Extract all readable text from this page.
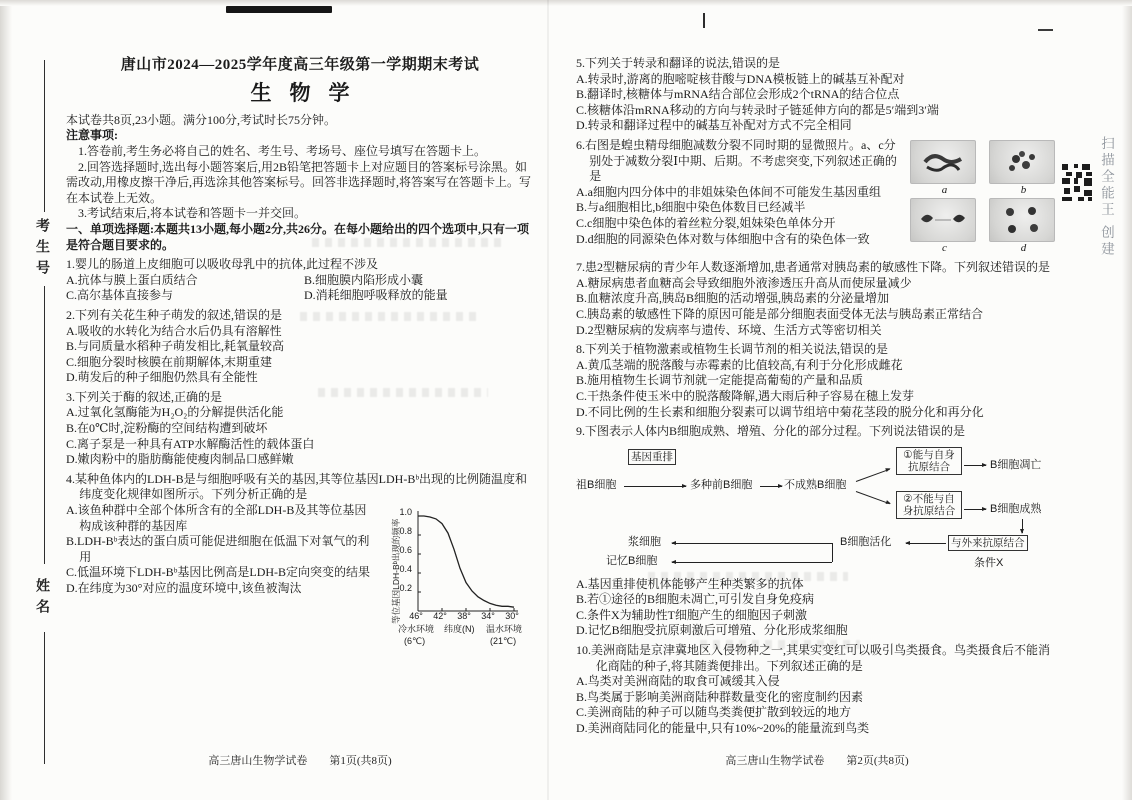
考生号
姓名
唐山市2024—2025学年度高三年级第一学期期末考试
生物学

本试卷共8页,23小题。满分100分,考试时长75分钟。

注意事项:

1.答卷前,考生务必将自己的姓名、考生号、考场号、座位号填写在答题卡上。

2.回答选择题时,选出每小题答案后,用2B铅笔把答题卡上对应题目的答案标号涂黑。如需改动,用橡皮擦干净后,再选涂其他答案标号。回答非选择题时,将答案写在答题卡上。写在本试卷上无效。

3.考试结束后,将本试卷和答题卡一并交回。

一、单项选择题:本题共13小题,每小题2分,共26分。在每小题给出的四个选项中,只有一项是符合题目要求的。

1.婴儿的肠道上皮细胞可以吸收母乳中的抗体,此过程不涉及

A.抗体与膜上蛋白质结合	B.细胞膜内陷形成小囊

C.高尔基体直接参与	D.消耗细胞呼吸释放的能量

2.下列有关花生种子萌发的叙述,错误的是

A.吸收的水转化为结合水后仍具有溶解性

B.与同质量水稻种子萌发相比,耗氧量较高

C.细胞分裂时核膜在前期解体,末期重建

D.萌发后的种子细胞仍然具有全能性

3.下列关于酶的叙述,正确的是

A.过氧化氢酶能为H₂O₂的分解提供活化能

B.在0℃时,淀粉酶的空间结构遭到破坏

C.离子泵是一种具有ATP水解酶活性的载体蛋白

D.嫩肉粉中的脂肪酶能使瘦肉制品口感鲜嫩

4.某种鱼体内的LDH-B是与细胞呼吸有关的基因,其等位基因LDH-Bᵇ出现的比例随温度和纬度变化规律如图所示。下列分析正确的是

等位基因LDH-Bᵇ出现的频率
1.0
0.8
0.6
0.4
0.2
46°	42°	38°	34°	30°
冷水环境 纬度(N) 温水环境
(6℃)	(21℃)

A.该鱼种群中全部个体所含有的全部LDH-B及其等位基因构成该种群的基因库

B.LDH-Bᵇ表达的蛋白质可能促进细胞在低温下对氧气的利用

C.低温环境下LDH-Bᵇ基因比例高是LDH-B定向突变的结果

D.在纬度为30°对应的温度环境中,该鱼被淘汰

高三唐山生物学试卷　　第1页(共8页)

5.下列关于转录和翻译的说法,错误的是

A.转录时,游离的胞嘧啶核苷酸与DNA模板链上的碱基互补配对

B.翻译时,核糖体与mRNA结合部位会形成2个tRNA的结合位点

C.核糖体沿mRNA移动的方向与转录时子链延伸方向的都是5′端到3′端

D.转录和翻译过程中的碱基互补配对方式不完全相同

a	b
c	d

6.右图是蝗虫精母细胞减数分裂不同时期的显微照片。a、c分别处于减数分裂Ⅰ中期、后期。不考虑突变,下列叙述正确的是

A.a细胞内四分体中的非姐妹染色体间不可能发生基因重组

B.与a细胞相比,b细胞中染色体数目已经减半

C.c细胞中染色体的着丝粒分裂,姐妹染色单体分开

D.d细胞的同源染色体对数与体细胞中含有的染色体一致

7.患2型糖尿病的青少年人数逐渐增加,患者通常对胰岛素的敏感性下降。下列叙述错误的是

A.糖尿病患者血糖高会导致细胞外液渗透压升高从而使尿量减少

B.血糖浓度升高,胰岛B细胞的活动增强,胰岛素的分泌量增加

C.胰岛素的敏感性下降的原因可能是部分细胞表面受体无法与胰岛素正常结合

D.2型糖尿病的发病率与遗传、环境、生活方式等密切相关

8.下列关于植物激素或植物生长调节剂的相关说法,错误的是

A.黄瓜茎端的脱落酸与赤霉素的比值较高,有利于分化形成雌花

B.施用植物生长调节剂就一定能提高葡萄的产量和品质

C.干热条件使玉米中的脱落酸降解,遇大雨后种子容易在穗上发芽

D.不同比例的生长素和细胞分裂素可以调节组培中菊花茎段的脱分化和再分化

9.下图表示人体内B细胞成熟、增殖、分化的部分过程。下列说法错误的是

祖B细胞
基因重排
多种前B细胞	不成熟B细胞
①能与自身抗原结合	B细胞凋亡
②不能与自身抗原结合	B细胞成熟
与外来抗原结合
条件X
B细胞活化
浆细胞
记忆B细胞

A.基因重排使机体能够产生种类繁多的抗体

B.若①途径的B细胞未凋亡,可引发自身免疫病

C.条件X为辅助性T细胞产生的细胞因子刺激

D.记忆B细胞受抗原刺激后可增殖、分化形成浆细胞

10.美洲商陆是京津冀地区入侵物种之一,其果实变红可以吸引鸟类摄食。鸟类摄食后不能消化商陆的种子,将其随粪便排出。下列叙述正确的是

A.鸟类对美洲商陆的取食可减缓其入侵

B.鸟类属于影响美洲商陆种群数量变化的密度制约因素

C.美洲商陆的种子可以随鸟类粪便扩散到较远的地方

D.美洲商陆同化的能量中,只有10%~20%的能量流到鸟类

高三唐山生物学试卷　　第2页(共8页)
扫描全能王 创建
